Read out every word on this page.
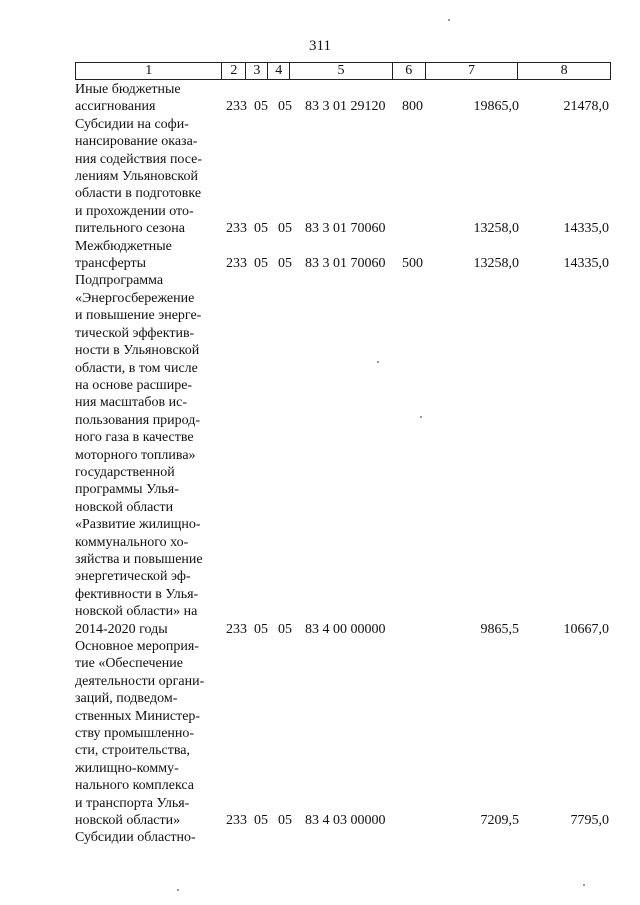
311
1	2	3	4	5	6	7	8
Иные бюджетные
ассигнования	233 05 05 83 3 01 29120 800	19865,0	21478,0
Субсидии на софи-
нансирование оказа-
ния содействия посе-
лениям Ульяновской
области в подготовке
и прохождении ото-
пительного сезона	233 05 05 83 3 01 70060	13258,0	14335,0
Межбюджетные
трансферты	233 05 05 83 3 01 70060 500	13258,0	14335,0
Подпрограмма
«Энергосбережение
и повышение энерге-
тической эффектив-
ности в Ульяновской
области, в том числе
на основе расшире-
ния масштабов ис-
пользования природ-
ного газа в качестве
моторного топлива»
государственной
программы Улья-
новской области
«Развитие жилищно-
коммунального хо-
зяйства и повышение
энергетической эф-
фективности в Улья-
новской области» на
2014-2020 годы	233 05 05 83 4 00 00000	9865,5	10667,0
Основное мероприя-
тие «Обеспечение
деятельности органи-
заций, подведом-
ственных Министер-
ству промышленно-
сти, строительства,
жилищно-комму-
нального комплекса
и транспорта Улья-
новской области»	233 05 05 83 4 03 00000	7209,5	7795,0
Субсидии областно-
